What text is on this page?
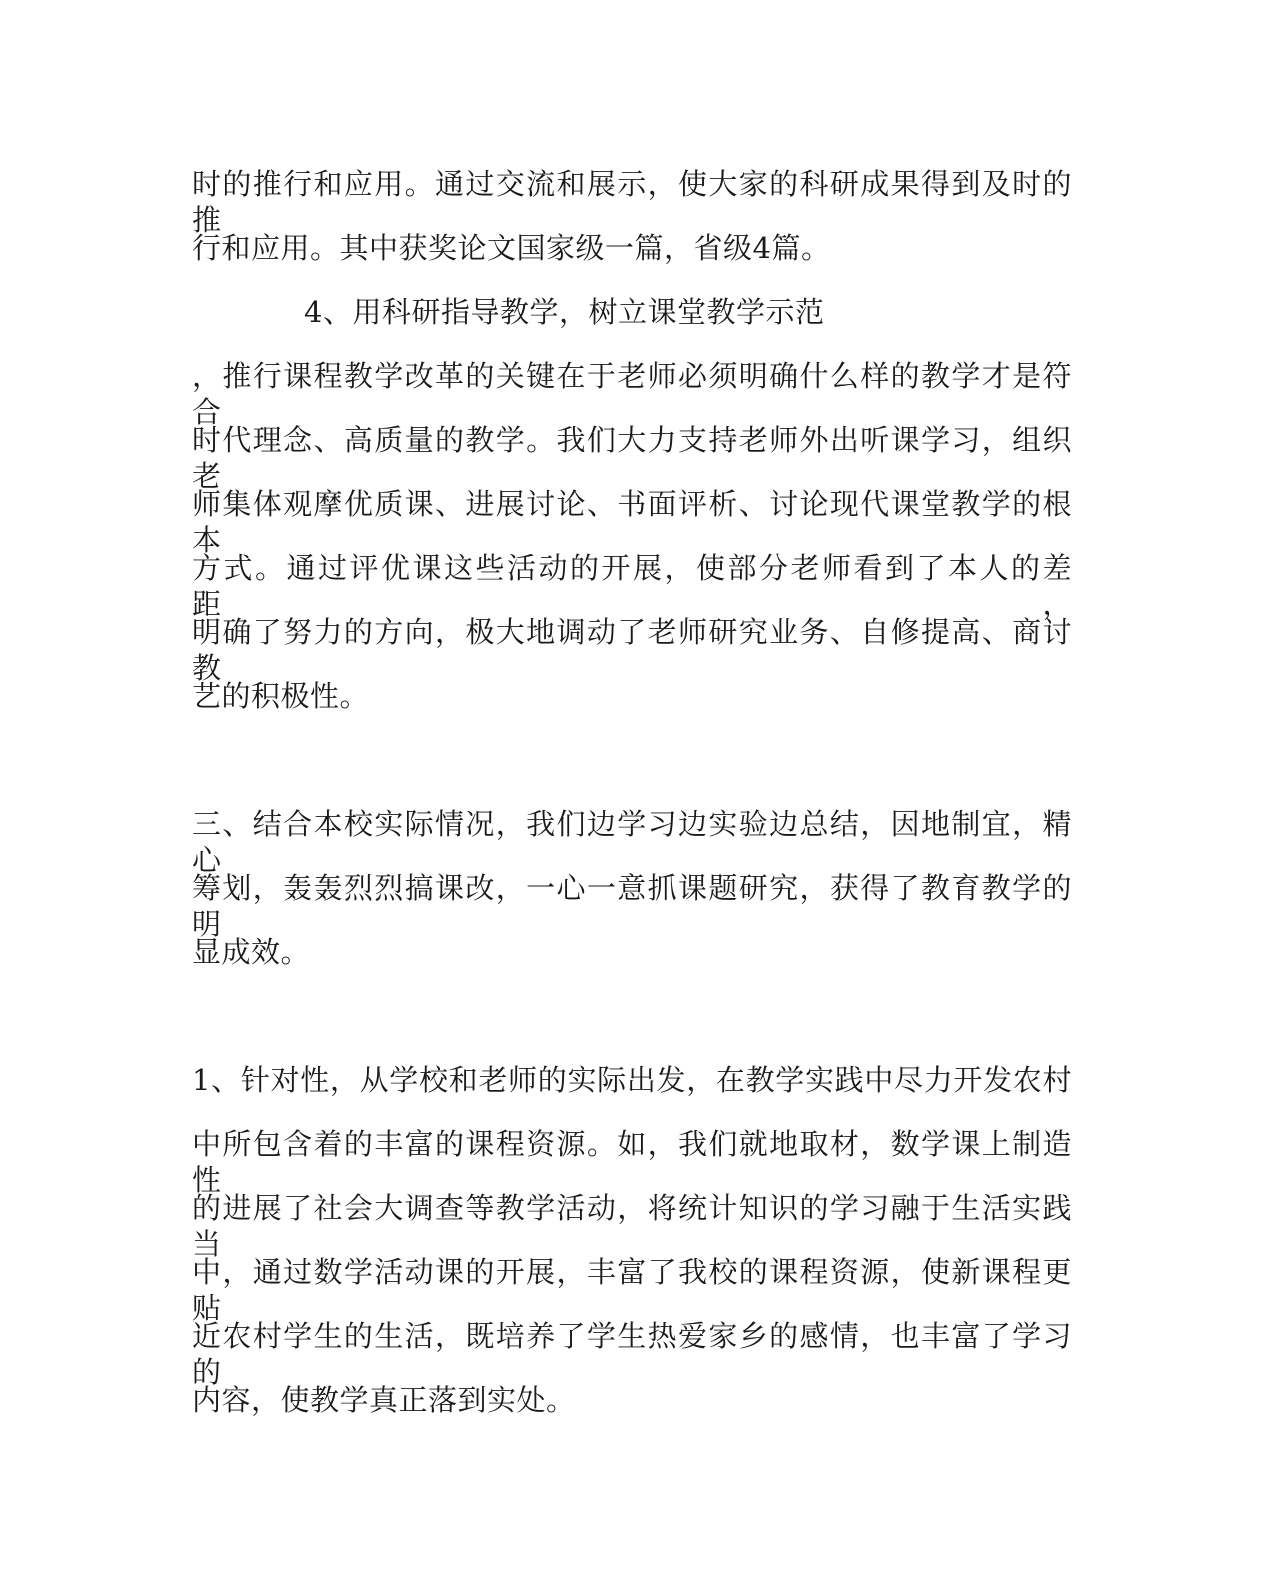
时的推行和应用。通过交流和展示，使大家的科研成果得到及时的推
行和应用。其中获奖论文国家级一篇，省级4篇。
4、用科研指导教学，树立课堂教学示范
，推行课程教学改革的关键在于老师必须明确什么样的教学才是符合
时代理念、高质量的教学。我们大力支持老师外出听课学习，组织老
师集体观摩优质课、进展讨论、书面评析、讨论现代课堂教学的根本
方式。通过评优课这些活动的开展，使部分老师看到了本人的差距，
明确了努力的方向，极大地调动了老师研究业务、自修提高、商讨教
艺的积极性。
三、结合本校实际情况，我们边学习边实验边总结，因地制宜，精心
筹划，轰轰烈烈搞课改，一心一意抓课题研究，获得了教育教学的明
显成效。
1、针对性，从学校和老师的实际出发，在教学实践中尽力开发农村
中所包含着的丰富的课程资源。如，我们就地取材，数学课上制造性
的进展了社会大调查等教学活动，将统计知识的学习融于生活实践当
中，通过数学活动课的开展，丰富了我校的课程资源，使新课程更贴
近农村学生的生活，既培养了学生热爱家乡的感情，也丰富了学习的
内容，使教学真正落到实处。
